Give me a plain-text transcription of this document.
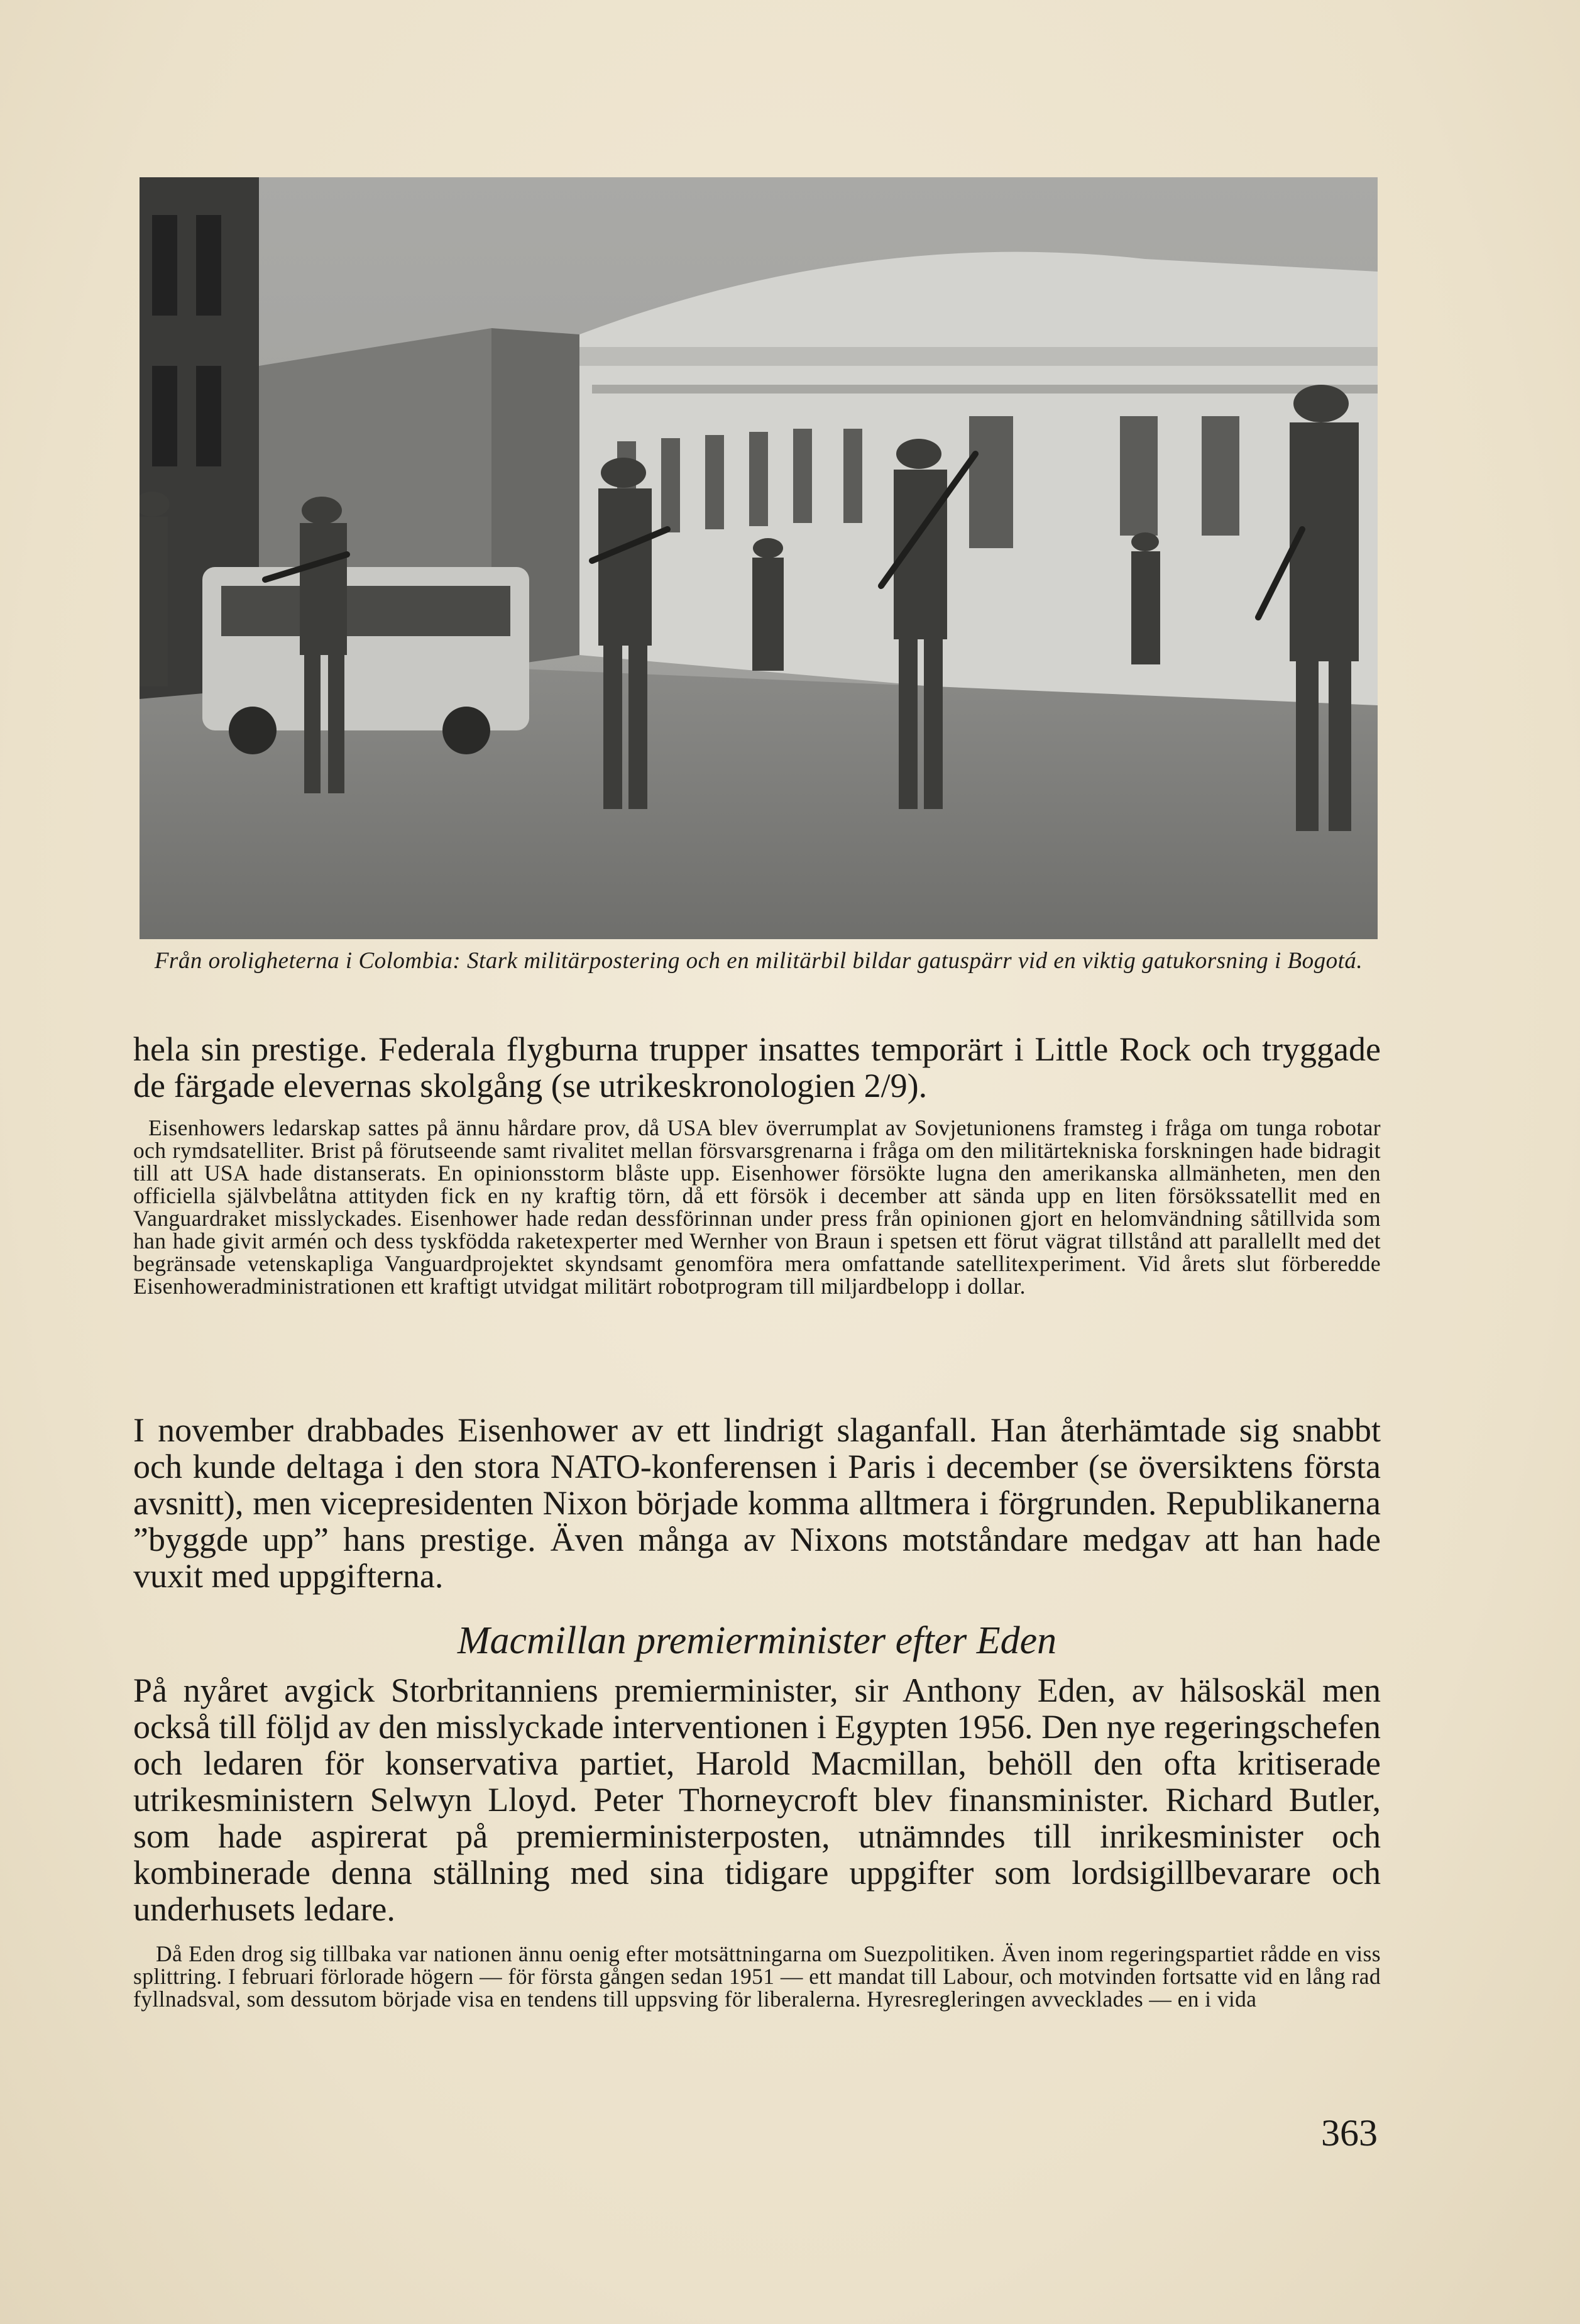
Från oroligheterna i Colombia: Stark militärpostering och en militärbil bildar gatuspärr vid en viktig gatukorsning i Bogotá.
hela sin prestige. Federala flygburna trupper insattes temporärt i Little Rock och tryggade de färgade elevernas skolgång (se utrikeskronologien 2/9).
Eisenhowers ledarskap sattes på ännu hårdare prov, då USA blev överrumplat av Sovjetunionens framsteg i fråga om tunga robotar och rymdsatelliter. Brist på förutseende samt rivalitet mellan försvarsgrenarna i fråga om den militärtekniska forskningen hade bidragit till att USA hade distanserats. En opinionsstorm blåste upp. Eisenhower försökte lugna den amerikanska allmänheten, men den officiella självbelåtna attityden fick en ny kraftig törn, då ett försök i december att sända upp en liten försökssatellit med en Vanguardraket misslyckades. Eisenhower hade redan dessförinnan under press från opinionen gjort en helomvändning såtillvida som han hade givit armén och dess tyskfödda raketexperter med Wernher von Braun i spetsen ett förut vägrat tillstånd att parallellt med det begränsade vetenskapliga Vanguardprojektet skyndsamt genomföra mera omfattande satellitexperiment. Vid årets slut förberedde Eisenhoweradministrationen ett kraftigt utvidgat militärt robotprogram till miljardbelopp i dollar.
I november drabbades Eisenhower av ett lindrigt slaganfall. Han återhämtade sig snabbt och kunde deltaga i den stora NATO-konferensen i Paris i december (se översiktens första avsnitt), men vicepresidenten Nixon började komma alltmera i förgrunden. Republikanerna ”byggde upp” hans prestige. Även många av Nixons motståndare medgav att han hade vuxit med uppgifterna.
Macmillan premierminister efter Eden
På nyåret avgick Storbritanniens premierminister, sir Anthony Eden, av hälsoskäl men också till följd av den misslyckade interventionen i Egypten 1956. Den nye regeringschefen och ledaren för konservativa partiet, Harold Macmillan, behöll den ofta kritiserade utrikesministern Selwyn Lloyd. Peter Thorneycroft blev finansminister. Richard Butler, som hade aspirerat på premierministerposten, utnämndes till inrikesminister och kombinerade denna ställning med sina tidigare uppgifter som lordsigillbevarare och underhusets ledare.
Då Eden drog sig tillbaka var nationen ännu oenig efter motsättningarna om Suezpolitiken. Även inom regeringspartiet rådde en viss splittring. I februari förlorade högern — för första gången sedan 1951 — ett mandat till Labour, och motvinden fortsatte vid en lång rad fyllnadsval, som dessutom började visa en tendens till uppsving för liberalerna. Hyresregleringen avvecklades — en i vida
363
